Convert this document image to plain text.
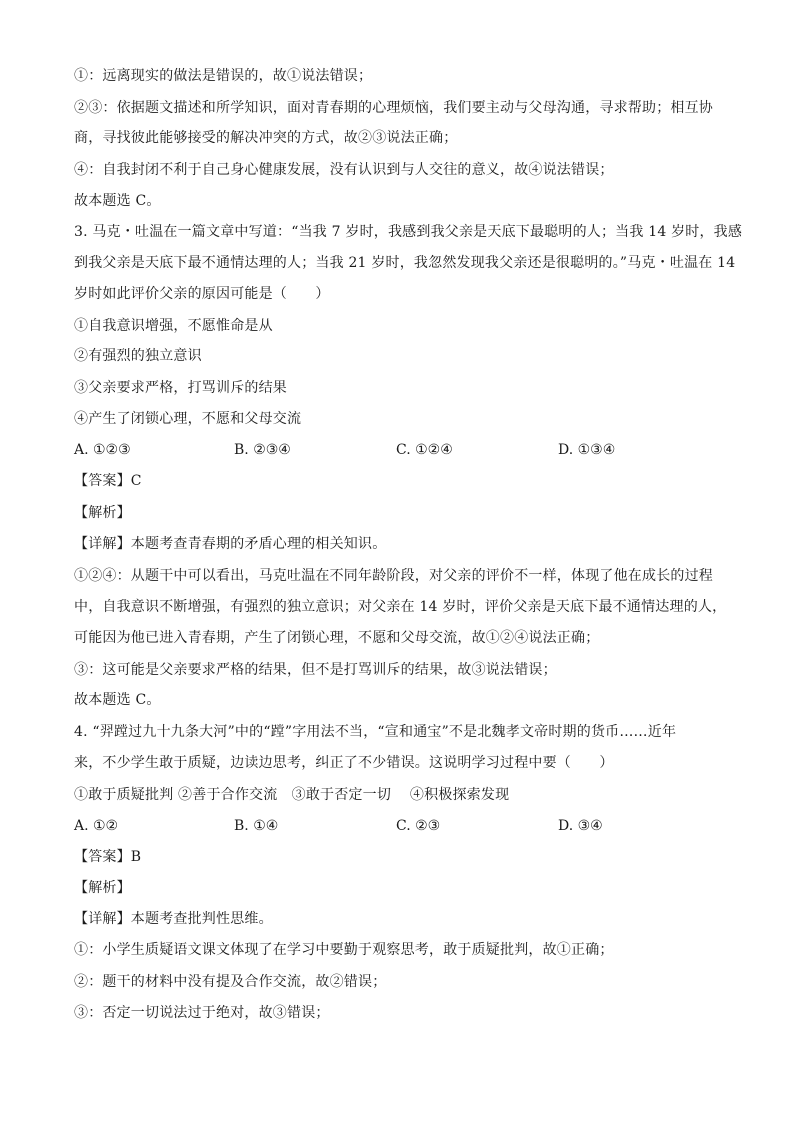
①：远离现实的做法是错误的，故①说法错误；
②③：依据题文描述和所学知识，面对青春期的心理烦恼，我们要主动与父母沟通，寻求帮助；相互协
商，寻找彼此能够接受的解决冲突的方式，故②③说法正确；
④：自我封闭不利于自己身心健康发展，没有认识到与人交往的意义，故④说法错误；
故本题选 C。
3. 马克・吐温在一篇文章中写道：“当我 7 岁时，我感到我父亲是天底下最聪明的人；当我 14 岁时，我感
到我父亲是天底下最不通情达理的人；当我 21 岁时，我忽然发现我父亲还是很聪明的。”马克・吐温在 14
岁时如此评价父亲的原因可能是（　　）
①自我意识增强，不愿惟命是从
②有强烈的独立意识
③父亲要求严格，打骂训斥的结果
④产生了闭锁心理，不愿和父母交流
A. ①②③	B. ②③④	C. ①②④	D. ①③④
【答案】C
【解析】
【详解】本题考查青春期的矛盾心理的相关知识。
①②④：从题干中可以看出，马克吐温在不同年龄阶段，对父亲的评价不一样，体现了他在成长的过程
中，自我意识不断增强，有强烈的独立意识；对父亲在 14 岁时，评价父亲是天底下最不通情达理的人，
可能因为他已进入青春期，产生了闭锁心理，不愿和父母交流，故①②④说法正确；
③：这可能是父亲要求严格的结果，但不是打骂训斥的结果，故③说法错误；
故本题选 C。
4. “羿蹚过九十九条大河”中的“蹚”字用法不当，“宣和通宝”不是北魏孝文帝时期的货币……近年
来，不少学生敢于质疑，边读边思考，纠正了不少错误。这说明学习过程中要（　　）
①敢于质疑批判 ②善于合作交流　③敢于否定一切　 ④积极探索发现
A. ①②	B. ①④	C. ②③	D. ③④
【答案】B
【解析】
【详解】本题考查批判性思维。
①：小学生质疑语文课文体现了在学习中要勤于观察思考，敢于质疑批判，故①正确；
②：题干的材料中没有提及合作交流，故②错误；
③：否定一切说法过于绝对，故③错误；
